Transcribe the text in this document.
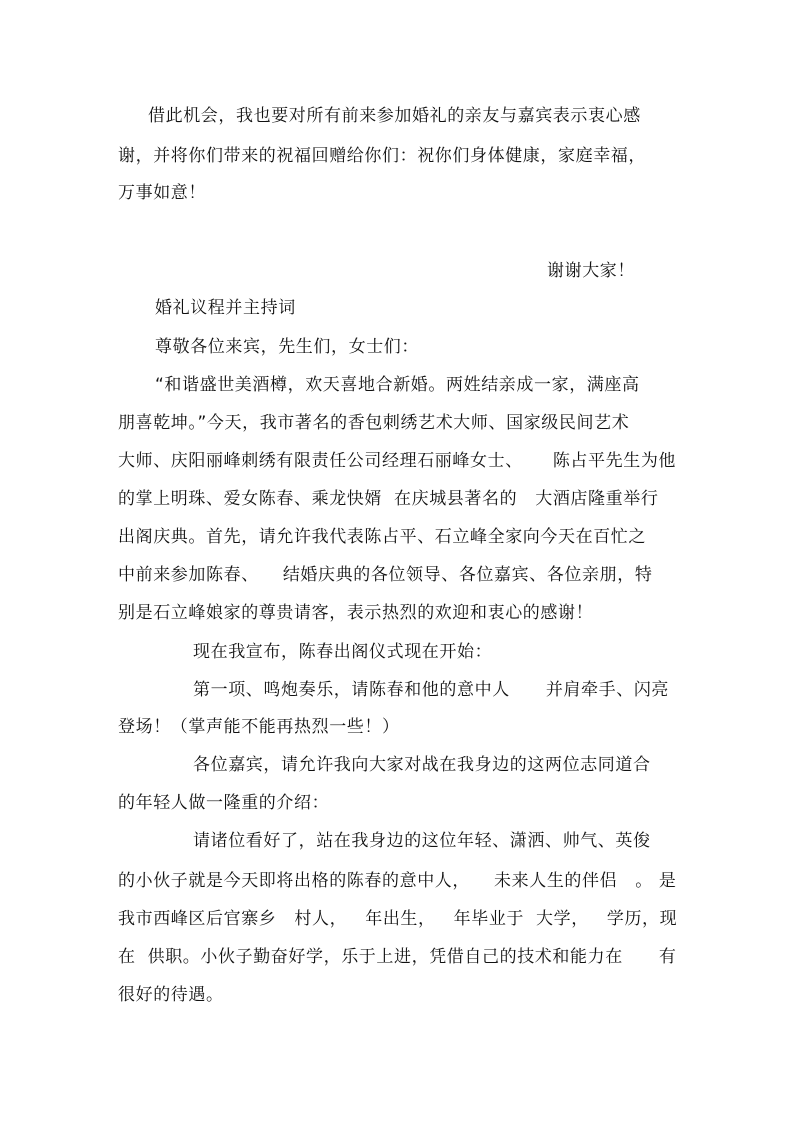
借此机会，我也要对所有前来参加婚礼的亲友与嘉宾表示衷心感
谢，并将你们带来的祝福回赠给你们：祝你们身体健康，家庭幸福，
万事如意！
谢谢大家！
婚礼议程并主持词
尊敬各位来宾，先生们，女士们：
“和谐盛世美酒樽，欢天喜地合新婚。两姓结亲成一家，满座高
朋喜乾坤。”今天，我市著名的香包刺绣艺术大师、国家级民间艺术
大师、庆阳丽峰刺绣有限责任公司经理石丽峰女士、     陈占平先生为他
的掌上明珠、爱女陈春、乘龙快婿  在庆城县著名的   大酒店隆重举行
出阁庆典。首先，请允许我代表陈占平、石立峰全家向今天在百忙之
中前来参加陈春、    结婚庆典的各位领导、各位嘉宾、各位亲朋，特
别是石立峰娘家的尊贵请客，表示热烈的欢迎和衷心的感谢！
现在我宣布，陈春出阁仪式现在开始：
第一项、鸣炮奏乐，请陈春和他的意中人      并肩牵手、闪亮
登场！（掌声能不能再热烈一些！）
各位嘉宾，请允许我向大家对战在我身边的这两位志同道合
的年轻人做一隆重的介绍：
请诸位看好了，站在我身边的这位年轻、潇洒、帅气、英俊
的小伙子就是今天即将出格的陈春的意中人，    未来人生的伴侣   。 是
我市西峰区后官寨乡   村人，   年出生，   年毕业于  大学，   学历，现
在  供职。小伙子勤奋好学，乐于上进，凭借自己的技术和能力在      有
很好的待遇。
